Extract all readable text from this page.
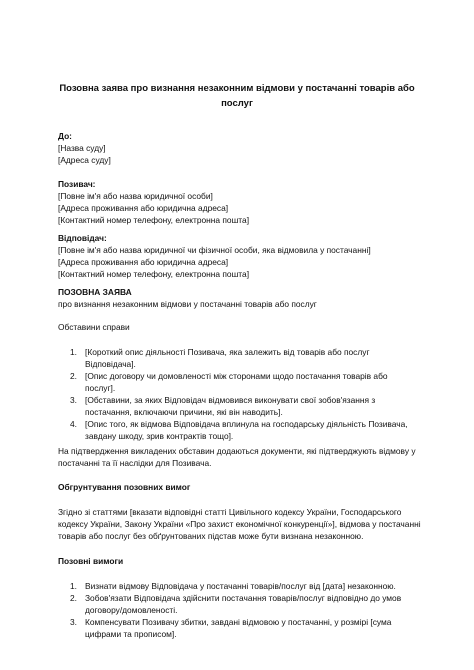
Позовна заява про визнання незаконним відмови у постачанні товарів або послуг
До:
[Назва суду]
[Адреса суду]
Позивач:
[Повне ім'я або назва юридичної особи]
[Адреса проживання або юридична адреса]
[Контактний номер телефону, електронна пошта]
Відповідач:
[Повне ім'я або назва юридичної чи фізичної особи, яка відмовила у постачанні]
[Адреса проживання або юридична адреса]
[Контактний номер телефону, електронна пошта]
ПОЗОВНА ЗАЯВА
про визнання незаконним відмови у постачанні товарів або послуг
Обставини справи
1. [Короткий опис діяльності Позивача, яка залежить від товарів або послуг Відповідача].
2. [Опис договору чи домовленості між сторонами щодо постачання товарів або послуг].
3. [Обставини, за яких Відповідач відмовився виконувати свої зобов'язання з постачання, включаючи причини, які він наводить].
4. [Опис того, як відмова Відповідача вплинула на господарську діяльність Позивача, завдану шкоду, зрив контрактів тощо].
На підтвердження викладених обставин додаються документи, які підтверджують відмову у постачанні та її наслідки для Позивача.
Обгрунтування позовних вимог
Згідно зі статтями [вказати відповідні статті Цивільного кодексу України, Господарського кодексу України, Закону України «Про захист економічної конкуренції»], відмова у постачанні товарів або послуг без обґрунтованих підстав може бути визнана незаконною.
Позовні вимоги
1. Визнати відмову Відповідача у постачанні товарів/послуг від [дата] незаконною.
2. Зобов'язати Відповідача здійснити постачання товарів/послуг відповідно до умов договору/домовленості.
3. Компенсувати Позивачу збитки, завдані відмовою у постачанні, у розмірі [сума цифрами та прописом].
